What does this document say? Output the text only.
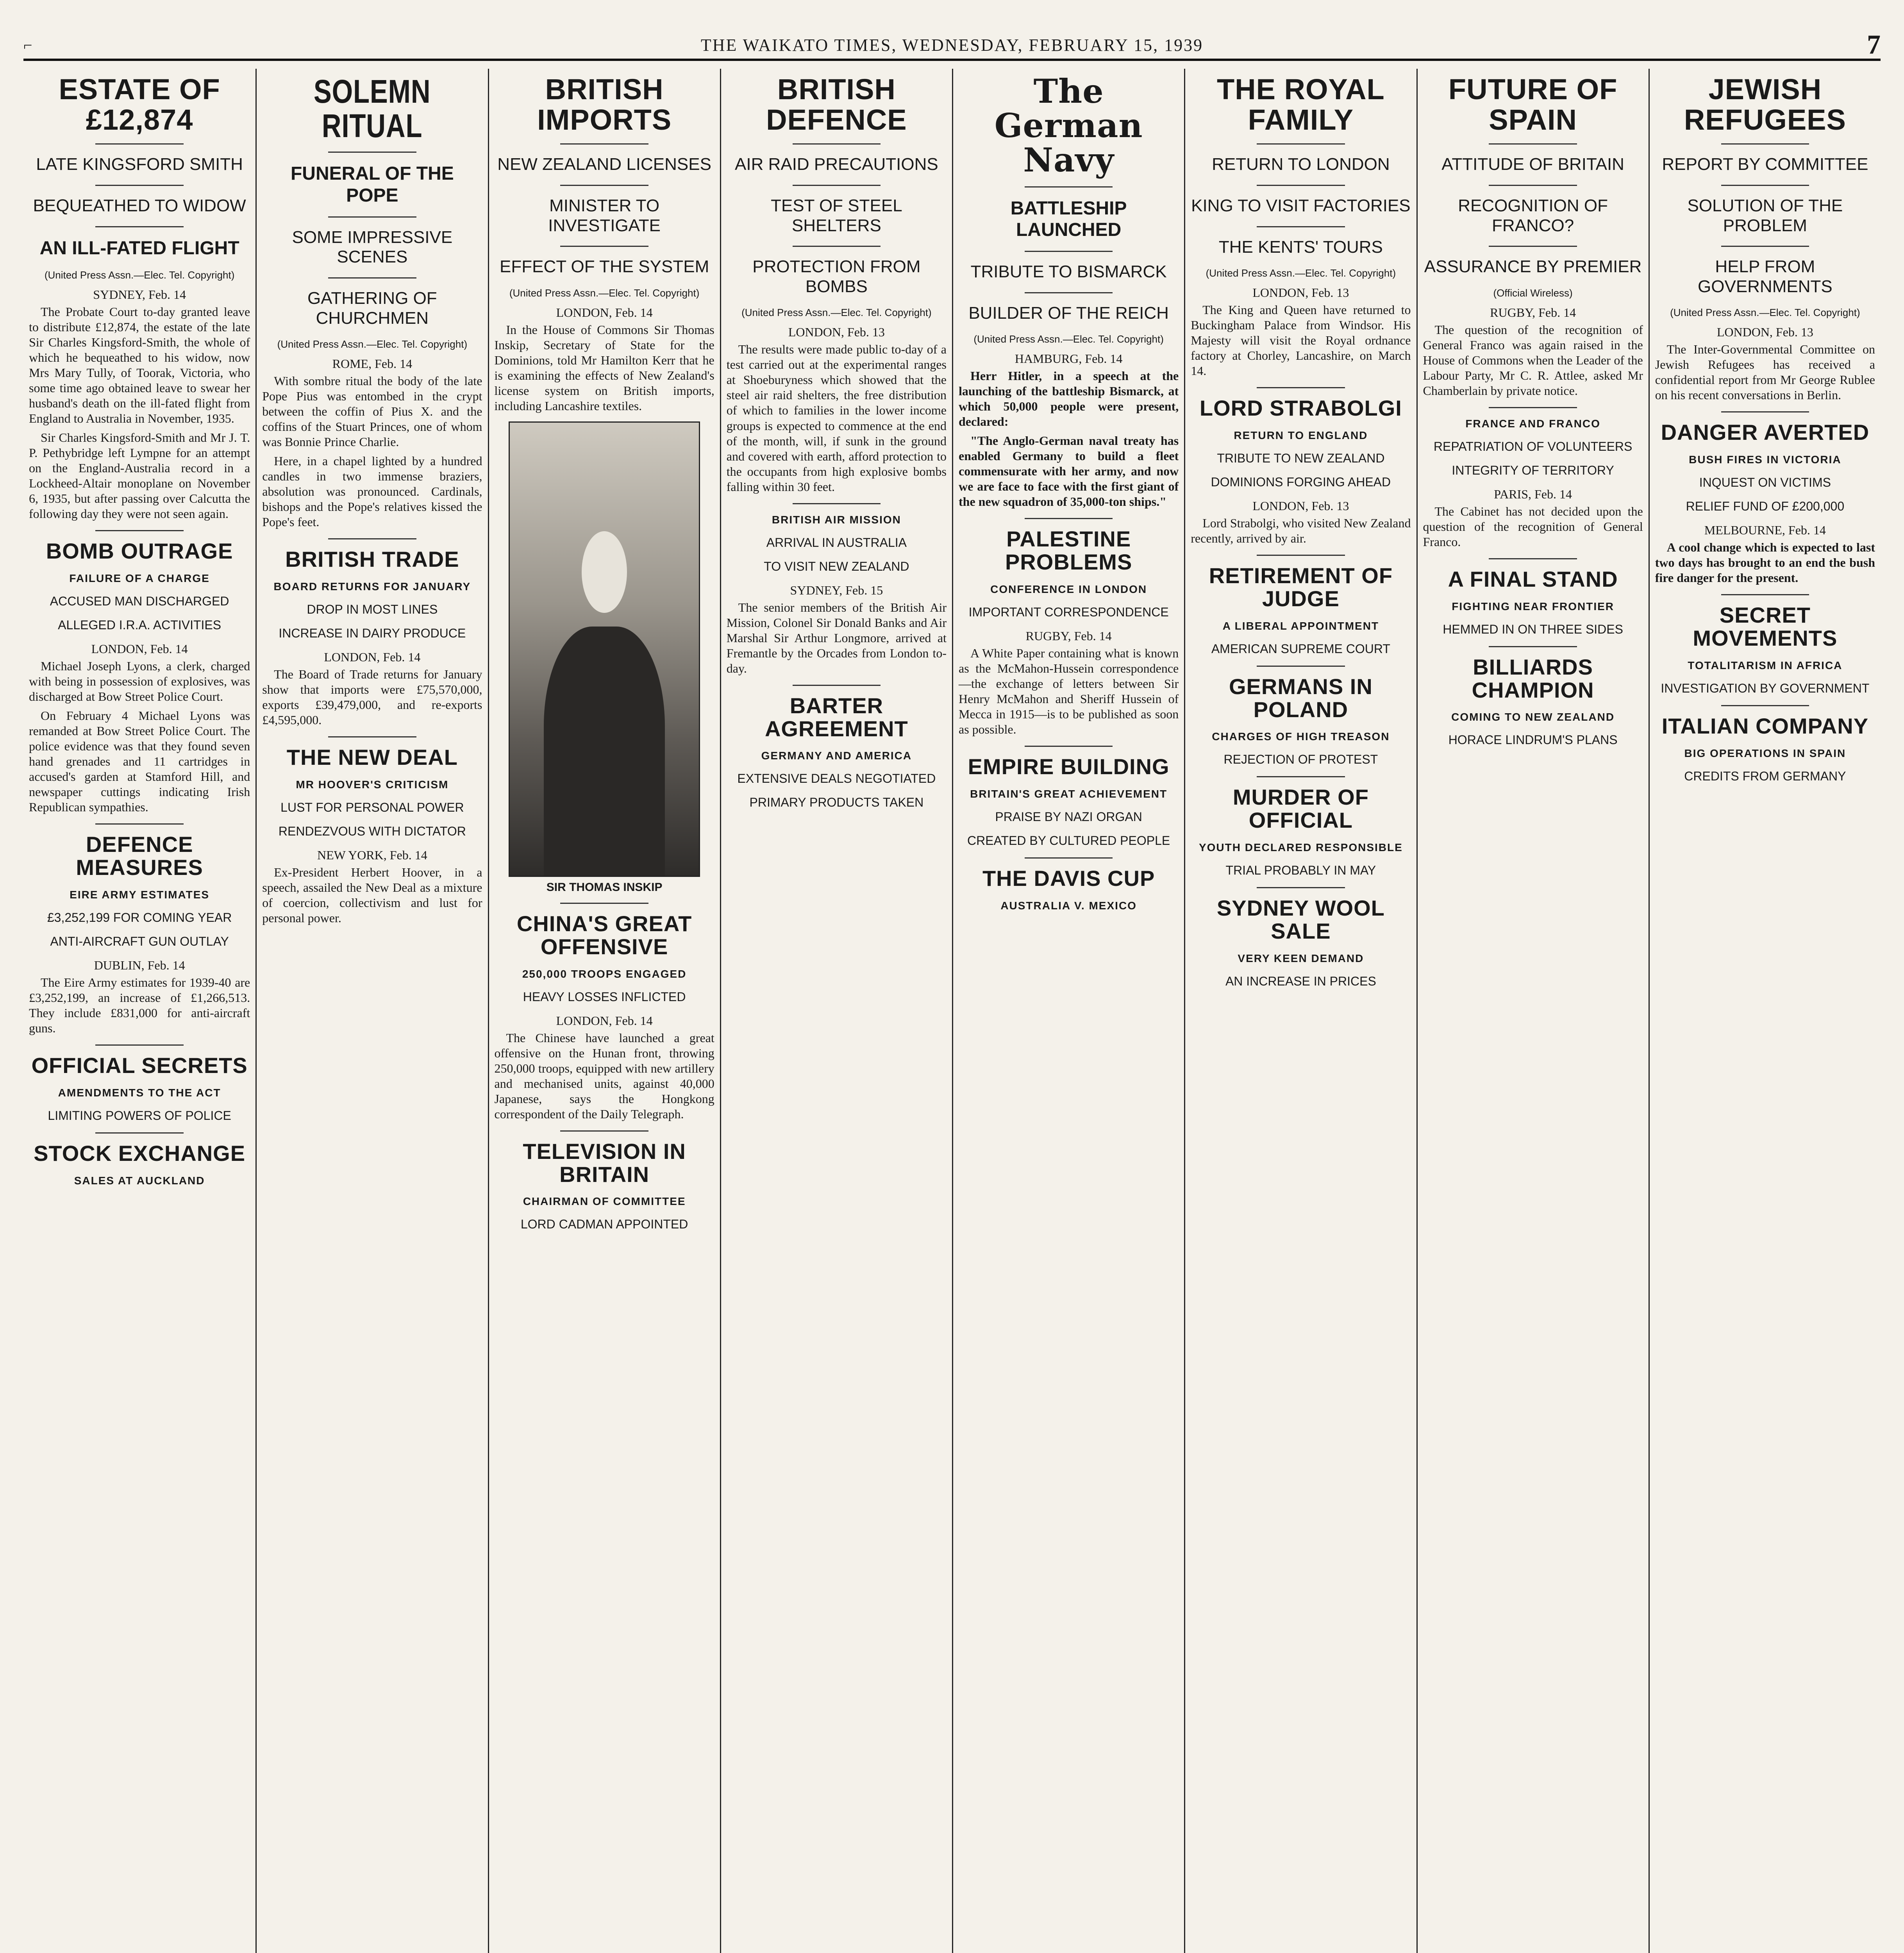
⌐	THE WAIKATO TIMES, WEDNESDAY, FEBRUARY 15, 1939	7
ESTATE OF £12,874
LATE KINGSFORD SMITH
BEQUEATHED TO WIDOW
AN ILL-FATED FLIGHT
(United Press Assn.—Elec. Tel. Copyright)
SYDNEY, Feb. 14

The Probate Court to-day granted leave to distribute £12,874, the estate of the late Sir Charles Kingsford-Smith, the whole of which he bequeathed to his widow, now Mrs Mary Tully, of Toorak, Victoria, who some time ago obtained leave to swear her husband's death on the ill-fated flight from England to Australia in November, 1935.

Sir Charles Kingsford-Smith and Mr J. T. P. Pethybridge left Lympne for an attempt on the England-Australia record in a Lockheed-Altair monoplane on November 6, 1935, but after passing over Calcutta the following day they were not seen again.

BOMB OUTRAGE
FAILURE OF A CHARGE
ACCUSED MAN DISCHARGED
ALLEGED I.R.A. ACTIVITIES
LONDON, Feb. 14

Michael Joseph Lyons, a clerk, charged with being in possession of explosives, was discharged at Bow Street Police Court.

On February 4 Michael Lyons was remanded at Bow Street Police Court. The police evidence was that they found seven hand grenades and 11 cartridges in accused's garden at Stamford Hill, and newspaper cuttings indicating Irish Republican sympathies.

DEFENCE MEASURES
EIRE ARMY ESTIMATES
£3,252,199 FOR COMING YEAR
ANTI-AIRCRAFT GUN OUTLAY
DUBLIN, Feb. 14

The Eire Army estimates for 1939-40 are £3,252,199, an increase of £1,266,513. They include £831,000 for anti-aircraft guns.

OFFICIAL SECRETS
AMENDMENTS TO THE ACT
LIMITING POWERS OF POLICE
STOCK EXCHANGE
SALES AT AUCKLAND
SOLEMN RITUAL
FUNERAL OF THE POPE
SOME IMPRESSIVE SCENES
GATHERING OF CHURCHMEN
(United Press Assn.—Elec. Tel. Copyright)
ROME, Feb. 14

With sombre ritual the body of the late Pope Pius was entombed in the crypt between the coffin of Pius X. and the coffins of the Stuart Princes, one of whom was Bonnie Prince Charlie.

Here, in a chapel lighted by a hundred candles in two immense braziers, absolution was pronounced. Cardinals, bishops and the Pope's relatives kissed the Pope's feet.

BRITISH TRADE
BOARD RETURNS FOR JANUARY
DROP IN MOST LINES
INCREASE IN DAIRY PRODUCE
LONDON, Feb. 14

The Board of Trade returns for January show that imports were £75,570,000, exports £39,479,000, and re-exports £4,595,000.

THE NEW DEAL
MR HOOVER'S CRITICISM
LUST FOR PERSONAL POWER
RENDEZVOUS WITH DICTATOR
NEW YORK, Feb. 14

Ex-President Herbert Hoover, in a speech, assailed the New Deal as a mixture of coercion, collectivism and lust for personal power.

BRITISH IMPORTS
NEW ZEALAND LICENSES
MINISTER TO INVESTIGATE
EFFECT OF THE SYSTEM
(United Press Assn.—Elec. Tel. Copyright)
LONDON, Feb. 14

In the House of Commons Sir Thomas Inskip, Secretary of State for the Dominions, told Mr Hamilton Kerr that he is examining the effects of New Zealand's license system on British imports, including Lancashire textiles.

SIR THOMAS INSKIP
CHINA'S GREAT OFFENSIVE
250,000 TROOPS ENGAGED
HEAVY LOSSES INFLICTED
LONDON, Feb. 14

The Chinese have launched a great offensive on the Hunan front, throwing 250,000 troops, equipped with new artillery and mechanised units, against 40,000 Japanese, says the Hongkong correspondent of the Daily Telegraph.

TELEVISION IN BRITAIN
CHAIRMAN OF COMMITTEE
LORD CADMAN APPOINTED
BRITISH DEFENCE
AIR RAID PRECAUTIONS
TEST OF STEEL SHELTERS
PROTECTION FROM BOMBS
(United Press Assn.—Elec. Tel. Copyright)
LONDON, Feb. 13

The results were made public to-day of a test carried out at the experimental ranges at Shoeburyness which showed that the steel air raid shelters, the free distribution of which to families in the lower income groups is expected to commence at the end of the month, will, if sunk in the ground and covered with earth, afford protection to the occupants from high explosive bombs falling within 30 feet.

BRITISH AIR MISSION
ARRIVAL IN AUSTRALIA
TO VISIT NEW ZEALAND
SYDNEY, Feb. 15

The senior members of the British Air Mission, Colonel Sir Donald Banks and Air Marshal Sir Arthur Longmore, arrived at Fremantle by the Orcades from London to-day.

BARTER AGREEMENT
GERMANY AND AMERICA
EXTENSIVE DEALS NEGOTIATED
PRIMARY PRODUCTS TAKEN
The German Navy
BATTLESHIP LAUNCHED
TRIBUTE TO BISMARCK
BUILDER OF THE REICH
(United Press Assn.—Elec. Tel. Copyright)
HAMBURG, Feb. 14

Herr Hitler, in a speech at the launching of the battleship Bismarck, at which 50,000 people were present, declared:

"The Anglo-German naval treaty has enabled Germany to build a fleet commensurate with her army, and now we are face to face with the first giant of the new squadron of 35,000-ton ships."

PALESTINE PROBLEMS
CONFERENCE IN LONDON
IMPORTANT CORRESPONDENCE
RUGBY, Feb. 14

A White Paper containing what is known as the McMahon-Hussein correspondence—the exchange of letters between Sir Henry McMahon and Sheriff Hussein of Mecca in 1915—is to be published as soon as possible.

EMPIRE BUILDING
BRITAIN'S GREAT ACHIEVEMENT
PRAISE BY NAZI ORGAN
CREATED BY CULTURED PEOPLE
THE DAVIS CUP
AUSTRALIA V. MEXICO
THE ROYAL FAMILY
RETURN TO LONDON
KING TO VISIT FACTORIES
THE KENTS' TOURS
(United Press Assn.—Elec. Tel. Copyright)
LONDON, Feb. 13

The King and Queen have returned to Buckingham Palace from Windsor. His Majesty will visit the Royal ordnance factory at Chorley, Lancashire, on March 14.

LORD STRABOLGI
RETURN TO ENGLAND
TRIBUTE TO NEW ZEALAND
DOMINIONS FORGING AHEAD
LONDON, Feb. 13

Lord Strabolgi, who visited New Zealand recently, arrived by air.

RETIREMENT OF JUDGE
A LIBERAL APPOINTMENT
AMERICAN SUPREME COURT
GERMANS IN POLAND
CHARGES OF HIGH TREASON
REJECTION OF PROTEST
MURDER OF OFFICIAL
YOUTH DECLARED RESPONSIBLE
TRIAL PROBABLY IN MAY
SYDNEY WOOL SALE
VERY KEEN DEMAND
AN INCREASE IN PRICES
FUTURE OF SPAIN
ATTITUDE OF BRITAIN
RECOGNITION OF FRANCO?
ASSURANCE BY PREMIER
(Official Wireless)
RUGBY, Feb. 14

The question of the recognition of General Franco was again raised in the House of Commons when the Leader of the Labour Party, Mr C. R. Attlee, asked Mr Chamberlain by private notice.

FRANCE AND FRANCO
REPATRIATION OF VOLUNTEERS
INTEGRITY OF TERRITORY
PARIS, Feb. 14

The Cabinet has not decided upon the question of the recognition of General Franco.

A FINAL STAND
FIGHTING NEAR FRONTIER
HEMMED IN ON THREE SIDES
BILLIARDS CHAMPION
COMING TO NEW ZEALAND
HORACE LINDRUM'S PLANS
JEWISH REFUGEES
REPORT BY COMMITTEE
SOLUTION OF THE PROBLEM
HELP FROM GOVERNMENTS
(United Press Assn.—Elec. Tel. Copyright)
LONDON, Feb. 13

The Inter-Governmental Committee on Jewish Refugees has received a confidential report from Mr George Rublee on his recent conversations in Berlin.

DANGER AVERTED
BUSH FIRES IN VICTORIA
INQUEST ON VICTIMS
RELIEF FUND OF £200,000
MELBOURNE, Feb. 14

A cool change which is expected to last two days has brought to an end the bush fire danger for the present.

SECRET MOVEMENTS
TOTALITARISM IN AFRICA
INVESTIGATION BY GOVERNMENT
ITALIAN COMPANY
BIG OPERATIONS IN SPAIN
CREDITS FROM GERMANY
